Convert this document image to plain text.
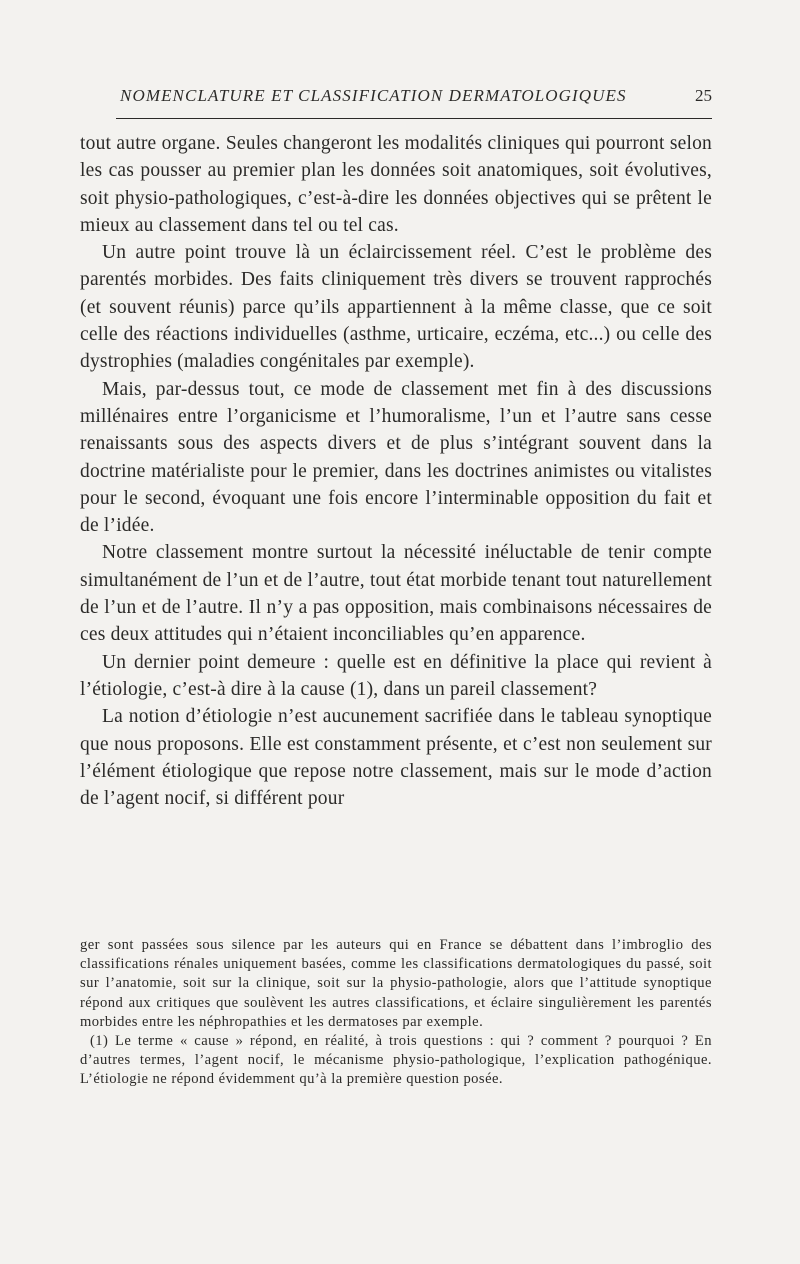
NOMENCLATURE ET CLASSIFICATION DERMATOLOGIQUES	25

tout autre organe. Seules changeront les modalités cliniques qui pourront selon les cas pousser au premier plan les données soit anatomiques, soit évolutives, soit physio-pathologiques, c’est-à-dire les données objectives qui se prêtent le mieux au classement dans tel ou tel cas.

Un autre point trouve là un éclaircissement réel. C’est le problème des parentés morbides. Des faits cliniquement très divers se trouvent rapprochés (et souvent réunis) parce qu’ils appartiennent à la même classe, que ce soit celle des réactions individuelles (asthme, urticaire, eczéma, etc...) ou celle des dystrophies (maladies congénitales par exemple).

Mais, par-dessus tout, ce mode de classement met fin à des discussions millénaires entre l’organicisme et l’humoralisme, l’un et l’autre sans cesse renaissants sous des aspects divers et de plus s’intégrant souvent dans la doctrine matérialiste pour le premier, dans les doctrines animistes ou vitalistes pour le second, évoquant une fois encore l’interminable opposition du fait et de l’idée.

Notre classement montre surtout la nécessité inéluctable de tenir compte simultanément de l’un et de l’autre, tout état morbide tenant tout naturellement de l’un et de l’autre. Il n’y a pas opposition, mais combinaisons nécessaires de ces deux attitudes qui n’étaient inconciliables qu’en apparence.

Un dernier point demeure : quelle est en définitive la place qui revient à l’étiologie, c’est-à dire à la cause (1), dans un pareil classement?

La notion d’étiologie n’est aucunement sacrifiée dans le tableau synoptique que nous proposons. Elle est constamment présente, et c’est non seulement sur l’élément étiologique que repose notre classement, mais sur le mode d’action de l’agent nocif, si différent pour

ger sont passées sous silence par les auteurs qui en France se débattent dans l’imbroglio des classifications rénales uniquement basées, comme les classifications dermatologiques du passé, soit sur l’anatomie, soit sur la clinique, soit sur la physio-pathologie, alors que l’attitude synoptique répond aux critiques que soulèvent les autres classifications, et éclaire singulièrement les parentés morbides entre les néphropathies et les dermatoses par exemple.

(1) Le terme « cause » répond, en réalité, à trois questions : qui ? comment ? pourquoi ? En d’autres termes, l’agent nocif, le mécanisme physio-pathologique, l’explication pathogénique. L’étiologie ne répond évidemment qu’à la première question posée.
